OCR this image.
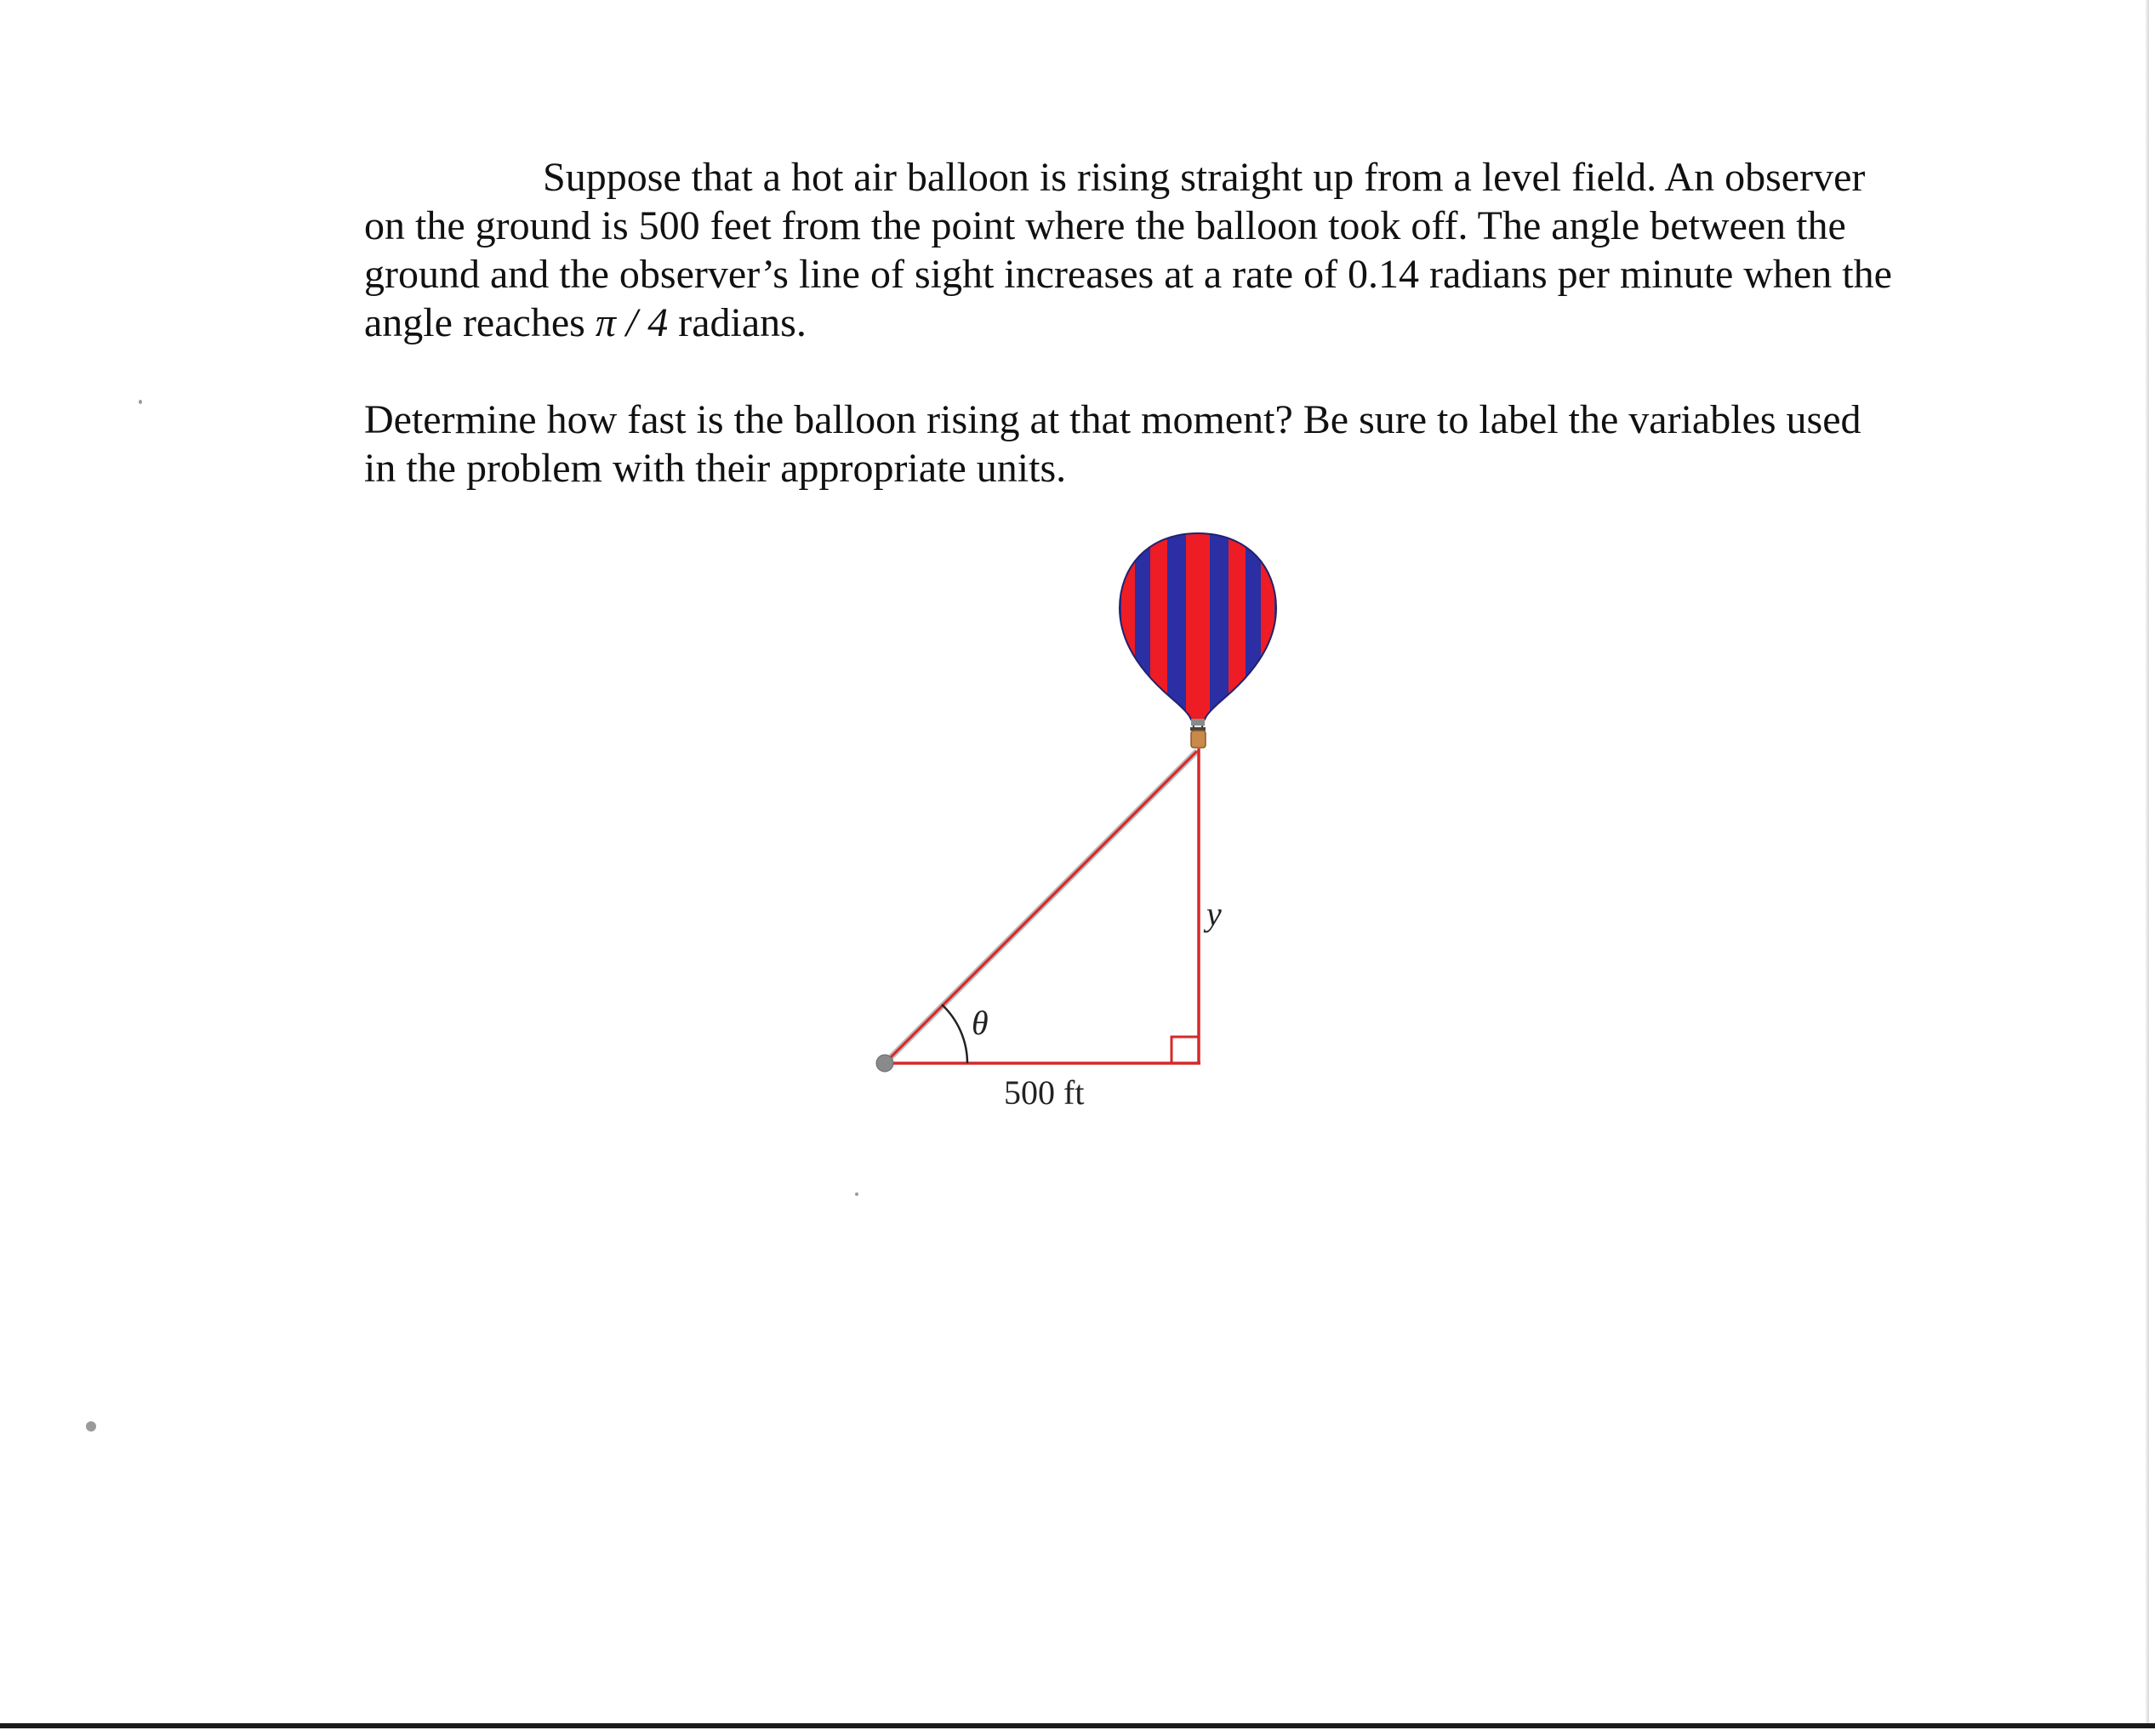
Suppose that a hot air balloon is rising straight up from a level field. An observer on the ground is 500 feet from the point where the balloon took off. The angle between the ground and the observer’s line of sight increases at a rate of 0.14 radians per minute when the angle reaches π / 4 radians.

Determine how fast is the balloon rising at that moment? Be sure to label the variables used in the problem with their appropriate units.

y
θ
500 ft
